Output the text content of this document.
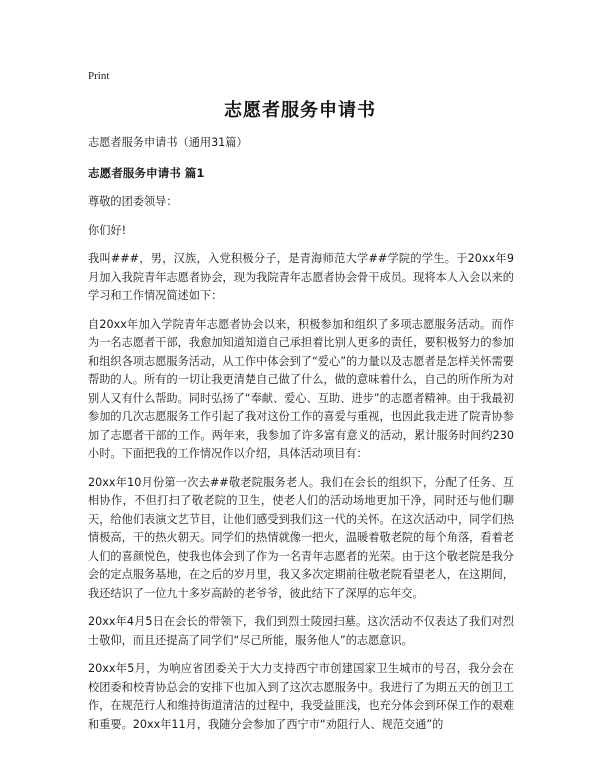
Print
志愿者服务申请书

志愿者服务申请书（通用31篇）

志愿者服务申请书 篇1

尊敬的团委领导：

你们好!

我叫###，男，汉族，入党积极分子，是青海师范大学##学院的学生。于20xx年9月加入我院青年志愿者协会，现为我院青年志愿者协会骨干成员。现将本人入会以来的学习和工作情况简述如下：

自20xx年加入学院青年志愿者协会以来，积极参加和组织了多项志愿服务活动。而作为一名志愿者干部，我愈加知道知道自己承担着比别人更多的责任，要积极努力的参加和组织各项志愿服务活动，从工作中体会到了“爱心”的力量以及志愿者是怎样关怀需要帮助的人。所有的一切让我更清楚自己做了什么，做的意味着什么，自己的所作所为对别人又有什么帮助。同时弘扬了“奉献、爱心、互助、进步”的志愿者精神。由于我最初参加的几次志愿服务工作引起了我对这份工作的喜爱与重视，也因此我走进了院青协参加了志愿者干部的工作。两年来，我参加了许多富有意义的活动，累计服务时间约230小时。下面把我的工作情况作以介绍，具体活动项目有：

20xx年10月份第一次去##敬老院服务老人。我们在会长的组织下，分配了任务、互相协作，不但打扫了敬老院的卫生，使老人们的活动场地更加干净，同时还与他们聊天，给他们表演文艺节目，让他们感受到我们这一代的关怀。在这次活动中，同学们热情极高，干的热火朝天。同学们的热情就像一把火，温暖着敬老院的每个角落，看着老人们的喜颜悦色，使我也体会到了作为一名青年志愿者的光荣。由于这个敬老院是我分会的定点服务基地，在之后的岁月里，我又多次定期前往敬老院看望老人，在这期间，我还结识了一位九十多岁高龄的老爷爷，彼此结下了深厚的忘年交。

20xx年4月5日在会长的带领下，我们到烈士陵园扫墓。这次活动不仅表达了我们对烈士敬仰，而且还提高了同学们“尽己所能，服务他人”的志愿意识。

20xx年5月，为响应省团委关于大力支持西宁市创建国家卫生城市的号召，我分会在校团委和校青协总会的安排下也加入到了这次志愿服务中。我进行了为期五天的创卫工作，在规范行人和维持街道清洁的过程中，我受益匪浅，也充分体会到环保工作的艰难和重要。20xx年11月，我随分会参加了西宁市“劝阻行人、规范交通”的
